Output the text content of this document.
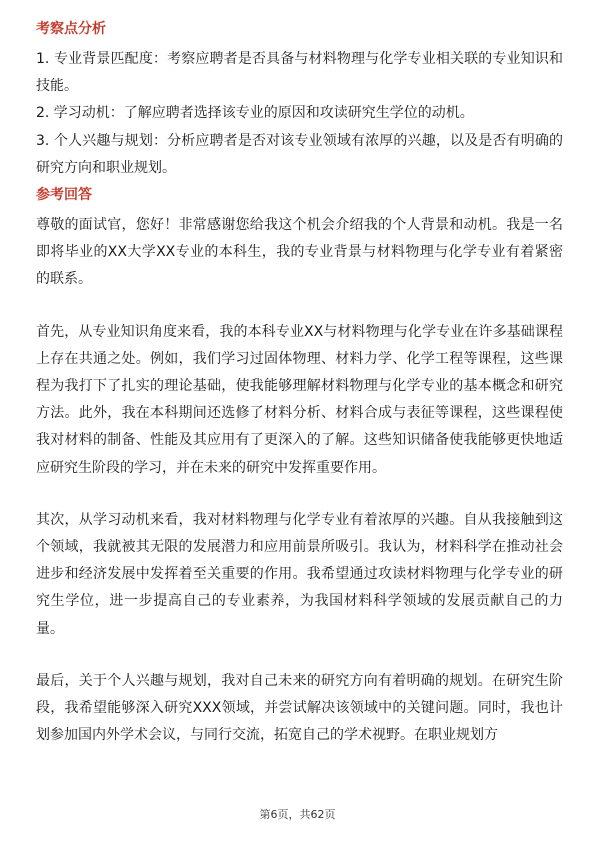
考察点分析

1. 专业背景匹配度：考察应聘者是否具备与材料物理与化学专业相关联的专业知识和技能。

2. 学习动机：了解应聘者选择该专业的原因和攻读研究生学位的动机。

3. 个人兴趣与规划：分析应聘者是否对该专业领域有浓厚的兴趣，以及是否有明确的研究方向和职业规划。

参考回答

尊敬的面试官，您好！非常感谢您给我这个机会介绍我的个人背景和动机。我是一名即将毕业的XX大学XX专业的本科生，我的专业背景与材料物理与化学专业有着紧密的联系。

首先，从专业知识角度来看，我的本科专业XX与材料物理与化学专业在许多基础课程上存在共通之处。例如，我们学习过固体物理、材料力学、化学工程等课程，这些课程为我打下了扎实的理论基础，使我能够理解材料物理与化学专业的基本概念和研究方法。此外，我在本科期间还选修了材料分析、材料合成与表征等课程，这些课程使我对材料的制备、性能及其应用有了更深入的了解。这些知识储备使我能够更快地适应研究生阶段的学习，并在未来的研究中发挥重要作用。

其次，从学习动机来看，我对材料物理与化学专业有着浓厚的兴趣。自从我接触到这个领域，我就被其无限的发展潜力和应用前景所吸引。我认为，材料科学在推动社会进步和经济发展中发挥着至关重要的作用。我希望通过攻读材料物理与化学专业的研究生学位，进一步提高自己的专业素养，为我国材料科学领域的发展贡献自己的力量。

最后，关于个人兴趣与规划，我对自己未来的研究方向有着明确的规划。在研究生阶段，我希望能够深入研究XXX领域，并尝试解决该领域中的关键问题。同时，我也计划参加国内外学术会议，与同行交流，拓宽自己的学术视野。在职业规划方

第6页，共62页
